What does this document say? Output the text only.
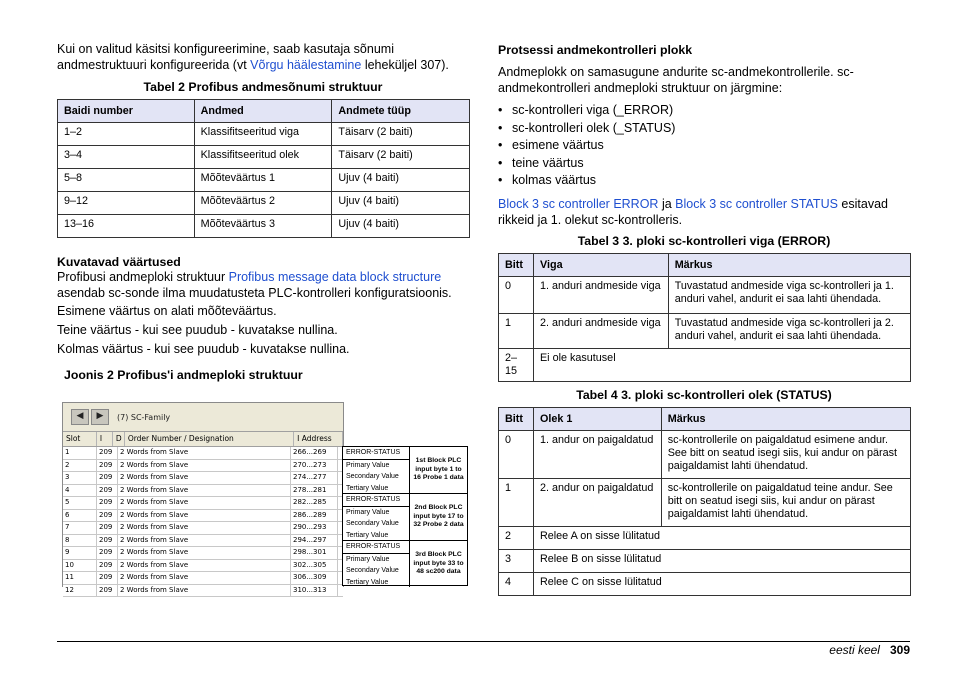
Kui on valitud käsitsi konfigureerimine, saab kasutaja sõnumi andmestruktuuri konfigureerida (vt Võrgu häälestamine leheküljel 307).
Tabel 2 Profibus andmesõnumi struktuur
Baidi number	Andmed	Andmete tüüp
1–2	Klassifitseeritud viga	Täisarv (2 baiti)
3–4	Klassifitseeritud olek	Täisarv (2 baiti)
5–8	Mõõteväärtus 1	Ujuv (4 baiti)
9–12	Mõõteväärtus 2	Ujuv (4 baiti)
13–16	Mõõteväärtus 3	Ujuv (4 baiti)
Kuvatavad väärtused
Profibusi andmeploki struktuur Profibus message data block structure asendab sc-sonde ilma muudatusteta PLC-kontrolleri konfiguratsioonis.
Esimene väärtus on alati mõõteväärtus.
Teine väärtus - kui see puudub - kuvatakse nullina.
Kolmas väärtus - kui see puudub - kuvatakse nullina.
Joonis 2 Profibus'i andmeploki struktuur
◀	▶	(7) SC-Family
Slot	I	D Order Number / Designation	I Address
1	209	2 Words from Slave	266...269
2	209	2 Words from Slave	270...273
3	209	2 Words from Slave	274...277
4	209	2 Words from Slave	278...281
5	209	2 Words from Slave	282...285
6	209	2 Words from Slave	286...289
7	209	2 Words from Slave	290...293
8	209	2 Words from Slave	294...297
9	209	2 Words from Slave	298...301
10	209	2 Words from Slave	302...305
11	209	2 Words from Slave	306...309
12	209	2 Words from Slave	310...313
ERROR-STATUS
Primary Value
Secondary Value
Tertiary Value
1st Block PLC input byte 1 to 16 Probe 1 data
ERROR-STATUS
Primary Value
Secondary Value
Tertiary Value
2nd Block PLC input byte 17 to 32 Probe 2 data
ERROR-STATUS
Primary Value
Secondary Value
Tertiary Value
3rd Block PLC input byte 33 to 48 sc200 data
Protsessi andmekontrolleri plokk
Andmeplokk on samasugune andurite sc-andmekontrollerile. sc-andmekontrolleri andmeploki struktuur on järgmine:
• sc-kontrolleri viga (_ERROR)
• sc-kontrolleri olek (_STATUS)
• esimene väärtus
• teine väärtus
• kolmas väärtus
Block 3 sc controller ERROR ja Block 3 sc controller STATUS esitavad rikkeid ja 1. olekut sc-kontrolleris.
Tabel 3 3. ploki sc-kontrolleri viga (ERROR)
Bitt	Viga	Märkus
0	1. anduri andmeside viga	Tuvastatud andmeside viga sc-kontrolleri ja 1. anduri vahel, andurit ei saa lahti ühendada.
1	2. anduri andmeside viga	Tuvastatud andmeside viga sc-kontrolleri ja 2. anduri vahel, andurit ei saa lahti ühendada.
2–15	Ei ole kasutusel	
Tabel 4 3. ploki sc-kontrolleri olek (STATUS)
Bitt	Olek 1	Märkus
0	1. andur on paigaldatud	sc-kontrollerile on paigaldatud esimene andur. See bitt on seatud isegi siis, kui andur on pärast paigaldamist lahti ühendatud.
1	2. andur on paigaldatud	sc-kontrollerile on paigaldatud teine andur. See bitt on seatud isegi siis, kui andur on pärast paigaldamist lahti ühendatud.
2	Relee A on sisse lülitatud	
3	Relee B on sisse lülitatud	
4	Relee C on sisse lülitatud	
eesti keel 309
